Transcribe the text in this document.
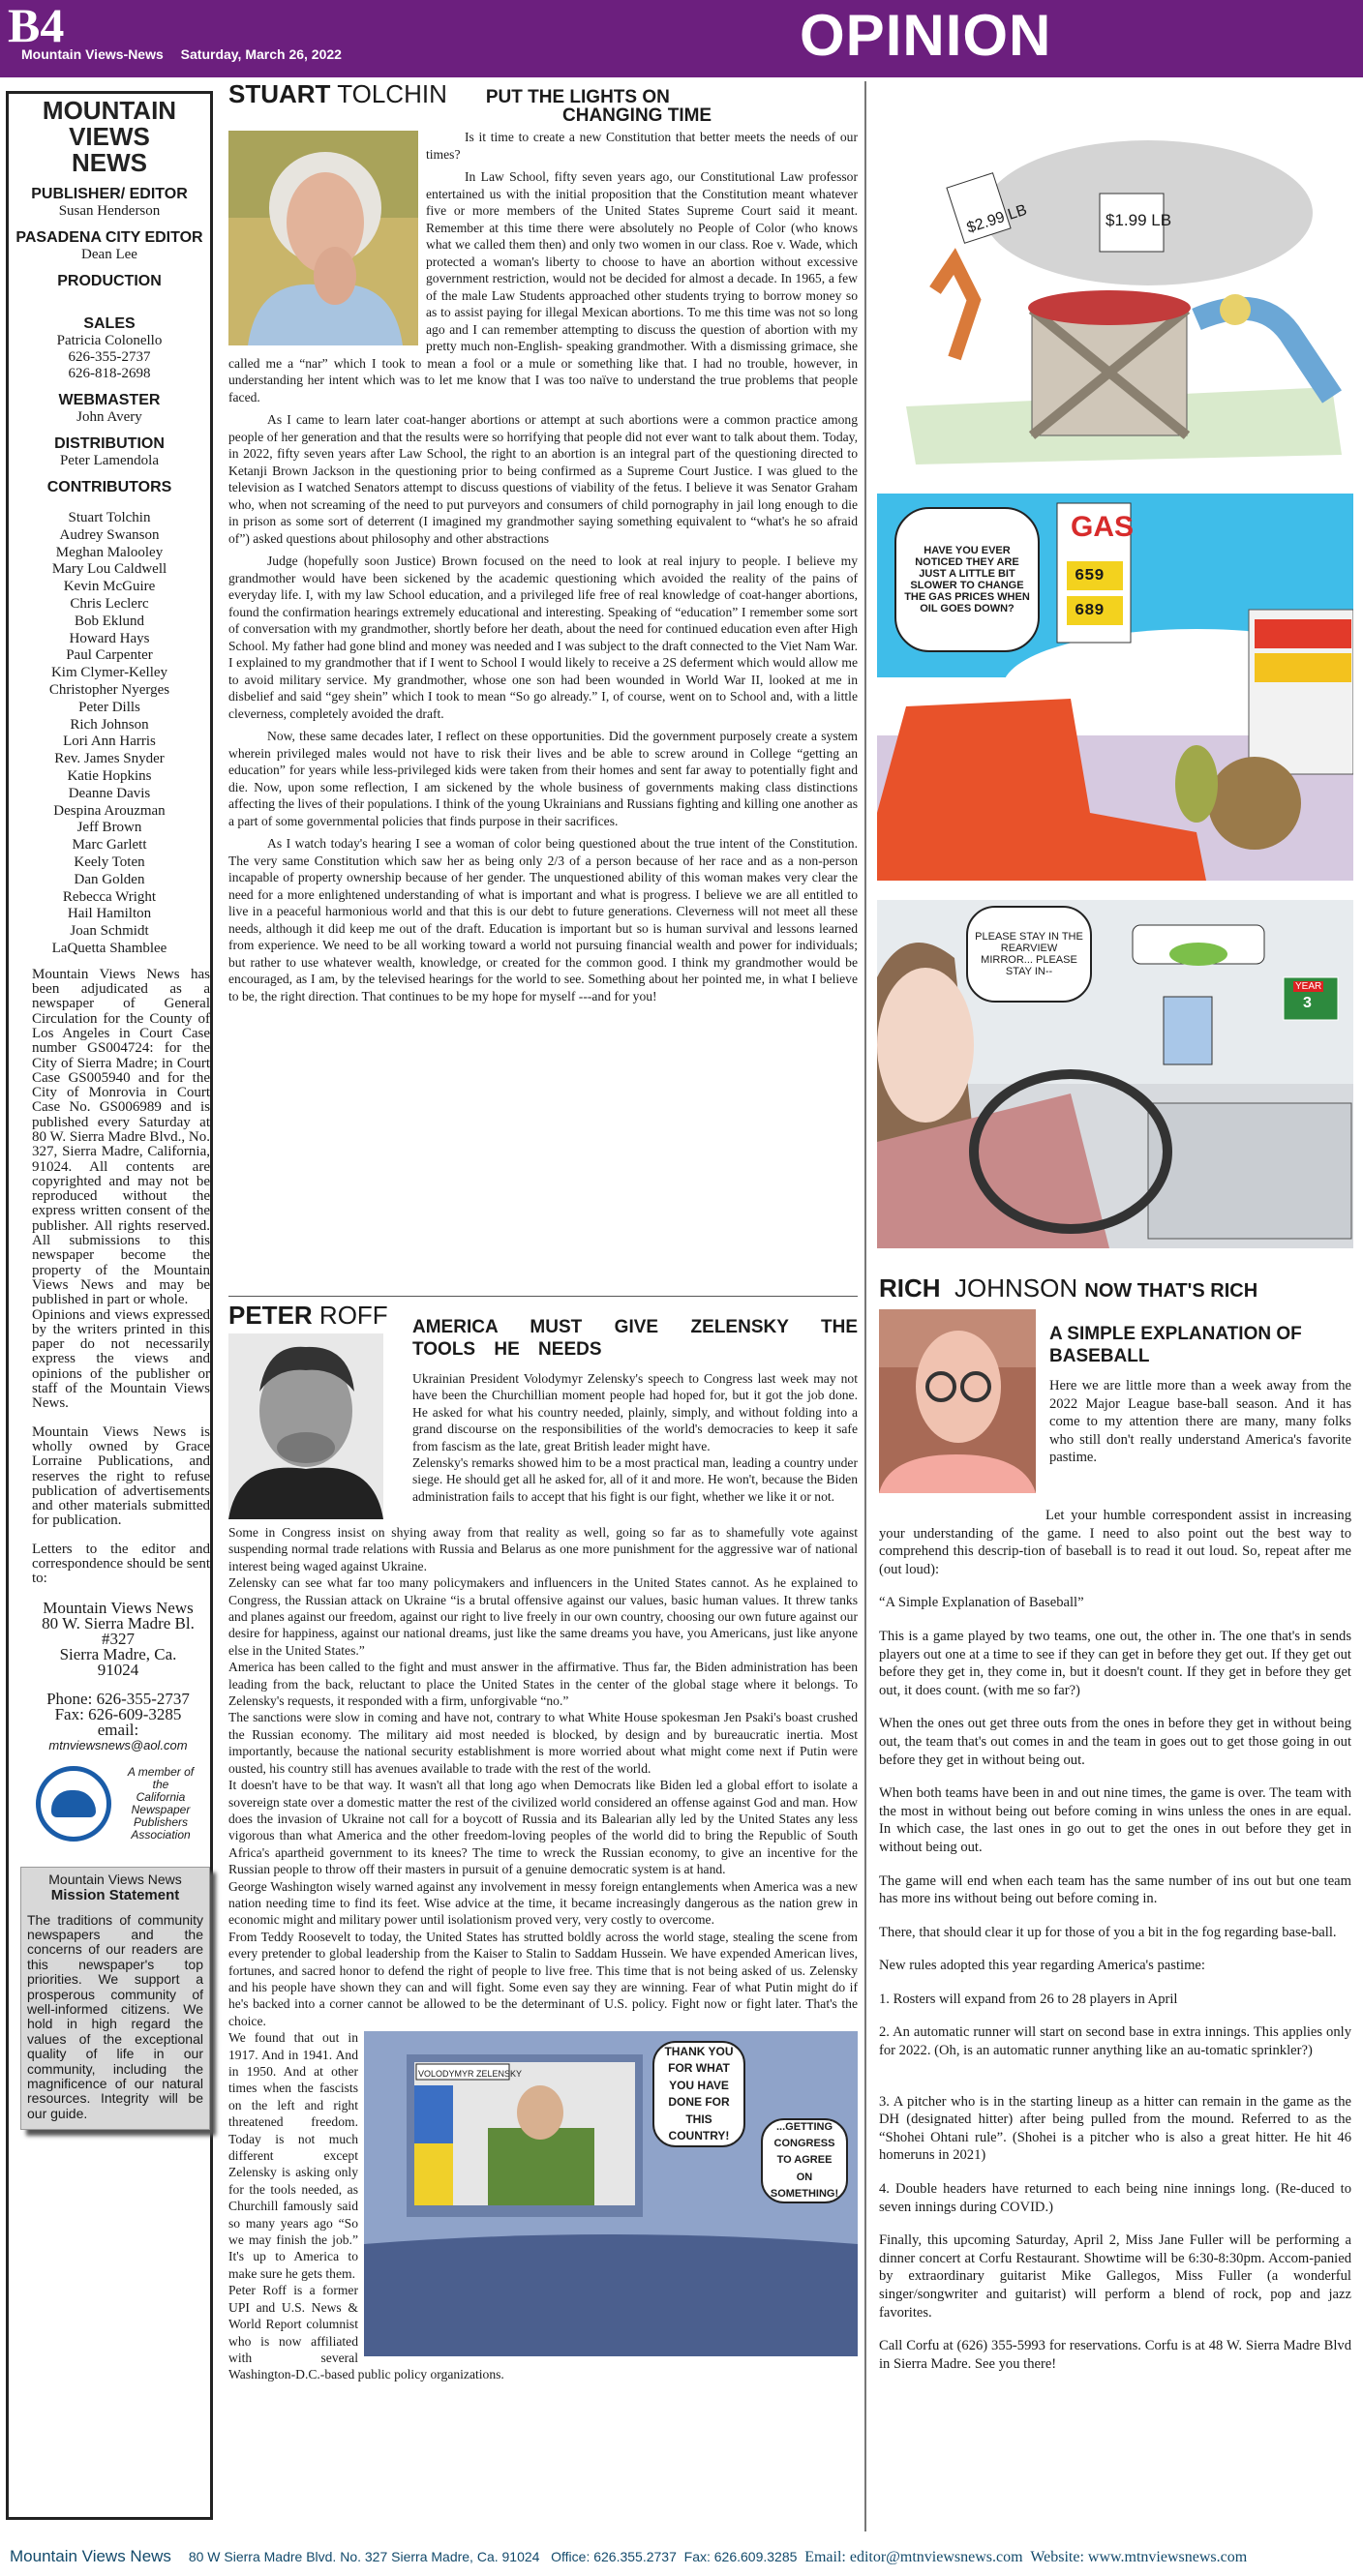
B4
Mountain Views-News Saturday, March 26, 2022	OPINION
MOUNTAIN
VIEWS
NEWS
PUBLISHER/ EDITOR
Susan Henderson
PASADENA CITY EDITOR
Dean Lee
PRODUCTION
SALES
Patricia Colonello
626-355-2737
626-818-2698
WEBMASTER
John Avery
DISTRIBUTION
Peter Lamendola
CONTRIBUTORS
Stuart Tolchin
Audrey Swanson
Meghan Malooley
Mary Lou Caldwell
Kevin McGuire
Chris Leclerc
Bob Eklund
Howard Hays
Paul Carpenter
Kim Clymer-Kelley
Christopher Nyerges
Peter Dills
Rich Johnson
Lori Ann Harris
Rev. James Snyder
Katie Hopkins
Deanne Davis
Despina Arouzman
Jeff Brown
Marc Garlett
Keely Toten
Dan Golden
Rebecca Wright
Hail Hamilton
Joan Schmidt
LaQuetta Shamblee

Mountain Views News has been adjudicated as a newspaper of General Circulation for the County of Los Angeles in Court Case number GS004724: for the City of Sierra Madre; in Court Case GS005940 and for the City of Monrovia in Court Case No. GS006989 and is published every Saturday at 80 W. Sierra Madre Blvd., No. 327, Sierra Madre, California, 91024. All contents are copyrighted and may not be reproduced without the express written consent of the publisher. All rights reserved. All submissions to this newspaper become the property of the Mountain Views News and may be published in part or whole.

Opinions and views expressed by the writers printed in this paper do not necessarily express the views and opinions of the publisher or staff of the Mountain Views News.

Mountain Views News is wholly owned by Grace Lorraine Publications, and reserves the right to refuse publication of advertisements and other materials submitted for publication.

Letters to the editor and correspondence should be sent to:

Mountain Views News
80 W. Sierra Madre Bl.
#327
Sierra Madre, Ca.
91024
Phone: 626-355-2737
Fax: 626-609-3285
email:
mtnviewsnews@aol.com
A member of
the
California
Newspaper
Publishers
Association
Mountain Views News
Mission Statement

The traditions of community newspapers and the concerns of our readers are this newspaper's top priorities. We support a prosperous community of well-informed citizens. We hold in high regard the values of the exceptional quality of life in our community, including the magnificence of our natural resources. Integrity will be our guide.

STUART TOLCHIN PUT THE LIGHTS ON
CHANGING TIME

Is it time to create a new Constitution that better meets the needs of our times?

In Law School, fifty seven years ago, our Constitutional Law professor entertained us with the initial proposition that the Constitution meant whatever five or more members of the United States Supreme Court said it meant. Remember at this time there were absolutely no People of Color (who knows what we called them then) and only two women in our class. Roe v. Wade, which protected a woman's liberty to choose to have an abortion without excessive government restriction, would not be decided for almost a decade. In 1965, a few of the male Law Students approached other students trying to borrow money so as to assist paying for illegal Mexican abortions. To me this time was not so long ago and I can remember attempting to discuss the question of abortion with my pretty much non-English- speaking grandmother. With a dismissing grimace, she called me a “nar” which I took to mean a fool or a mule or something like that. I had no trouble, however, in understanding her intent which was to let me know that I was too naïve to understand the true problems that people faced.

As I came to learn later coat-hanger abortions or attempt at such abortions were a common practice among people of her generation and that the results were so horrifying that people did not ever want to talk about them. Today, in 2022, fifty seven years after Law School, the right to an abortion is an integral part of the questioning directed to Ketanji Brown Jackson in the questioning prior to being confirmed as a Supreme Court Justice. I was glued to the television as I watched Senators attempt to discuss questions of viability of the fetus. I believe it was Senator Graham who, when not screaming of the need to put purveyors and consumers of child pornography in jail long enough to die in prison as some sort of deterrent (I imagined my grandmother saying something equivalent to “what's he so afraid of”) asked questions about philosophy and other abstractions

Judge (hopefully soon Justice) Brown focused on the need to look at real injury to people. I believe my grandmother would have been sickened by the academic questioning which avoided the reality of the pains of everyday life. I, with my law School education, and a privileged life free of real knowledge of coat-hanger abortions, found the confirmation hearings extremely educational and interesting. Speaking of “education” I remember some sort of conversation with my grandmother, shortly before her death, about the need for continued education even after High School. My father had gone blind and money was needed and I was subject to the draft connected to the Viet Nam War. I explained to my grandmother that if I went to School I would likely to receive a 2S deferment which would allow me to avoid military service. My grandmother, whose one son had been wounded in World War II, looked at me in disbelief and said “gey shein” which I took to mean “So go already.” I, of course, went on to School and, with a little cleverness, completely avoided the draft.

Now, these same decades later, I reflect on these opportunities. Did the government purposely create a system wherein privileged males would not have to risk their lives and be able to screw around in College “getting an education” for years while less-privileged kids were taken from their homes and sent far away to potentially fight and die. Now, upon some reflection, I am sickened by the whole business of governments making class distinctions affecting the lives of their populations. I think of the young Ukrainians and Russians fighting and killing one another as a part of some governmental policies that finds purpose in their sacrifices.

As I watch today's hearing I see a woman of color being questioned about the true intent of the Constitution. The very same Constitution which saw her as being only 2/3 of a person because of her race and as a non-person incapable of property ownership because of her gender. The unquestioned ability of this woman makes very clear the need for a more enlightened understanding of what is important and what is progress. I believe we are all entitled to live in a peaceful harmonious world and that this is our debt to future generations. Cleverness will not meet all these needs, although it did keep me out of the draft. Education is important but so is human survival and lessons learned from experience. We need to be all working toward a world not pursuing financial wealth and power for individuals; but rather to use whatever wealth, knowledge, or created for the common good. I think my grandmother would be encouraged, as I am, by the televised hearings for the world to see. Something about her pointed me, in what I believe to be, the right direction. That continues to be my hope for myself ---and for you!

PETER ROFF	AMERICA MUST GIVE ZELENSKY THE TOOLS HE NEEDS
Ukrainian President Volodymyr Zelensky's speech to Congress last week may not have been the Churchillian moment people had hoped for, but it got the job done. He asked for what his country needed, plainly, simply, and without folding into a grand discourse on the responsibilities of the world's democracies to keep it safe from fascism as the late, great British leader might have.
Zelensky's remarks showed him to be a most practical man, leading a country under siege. He should get all he asked for, all of it and more. He won't, because the Biden administration fails to accept that his fight is our fight, whether we like it or not.
Some in Congress insist on shying away from that reality as well, going so far as to shamefully vote against suspending normal trade relations with Russia and Belarus as one more punishment for the aggressive war of national interest being waged against Ukraine.
Zelensky can see what far too many policymakers and influencers in the United States cannot. As he explained to Congress, the Russian attack on Ukraine “is a brutal offensive against our values, basic human values. It threw tanks and planes against our freedom, against our right to live freely in our own country, choosing our own future against our desire for happiness, against our national dreams, just like the same dreams you have, you Americans, just like anyone else in the United States.”
America has been called to the fight and must answer in the affirmative. Thus far, the Biden administration has been leading from the back, reluctant to place the United States in the center of the global stage where it belongs. To Zelensky's requests, it responded with a firm, unforgivable “no.”
The sanctions were slow in coming and have not, contrary to what White House spokesman Jen Psaki's boast crushed the Russian economy. The military aid most needed is blocked, by design and by bureaucratic inertia. Most importantly, because the national security establishment is more worried about what might come next if Putin were ousted, his country still has avenues available to trade with the rest of the world.
It doesn't have to be that way. It wasn't all that long ago when Democrats like Biden led a global effort to isolate a sovereign state over a domestic matter the rest of the civilized world considered an offense against God and man. How does the invasion of Ukraine not call for a boycott of Russia and its Balearian ally led by the United States any less vigorous than what America and the other freedom-loving peoples of the world did to bring the Republic of South Africa's apartheid government to its knees? The time to wreck the Russian economy, to give an incentive for the Russian people to throw off their masters in pursuit of a genuine democratic system is at hand.
George Washington wisely warned against any involvement in messy foreign entanglements when America was a new nation needing time to find its feet. Wise advice at the time, it became increasingly dangerous as the nation grew in economic might and military power until isolationism proved very, very costly to overcome.
From Teddy Roosevelt to today, the United States has strutted boldly across the world stage, stealing the scene from every pretender to global leadership from the Kaiser to Stalin to Saddam Hussein. We have expended American lives, fortunes, and sacred honor to defend the right of people to live free. This time that is not being asked of us. Zelensky and his people have shown they can and will fight. Some even say they are winning. Fear of what Putin might do if he's backed into a corner cannot be allowed to be the determinant of U.S. policy. Fight now or fight later. That's the choice.
VOLODYMYR ZELENSKY
THANK YOU FOR WHAT YOU HAVE DONE FOR THIS COUNTRY!
...GETTING CONGRESS TO AGREE ON SOMETHING!
We found that out in 1917. And in 1941. And in 1950. And at other times when the fascists on the left and right threatened freedom. Today is not much different except Zelensky is asking only for the tools needed, as Churchill famously said so many years ago “So we may finish the job.” It's up to America to make sure he gets them.
Peter Roff is a former UPI and U.S. News & World Report columnist who is now affiliated with several Washington-D.C.-based public policy organizations.
$2.99 LB	$1.99 LB
HAVE YOU EVER NOTICED THEY ARE JUST A LITTLE BIT SLOWER TO CHANGE THE GAS PRICES WHEN OIL GOES DOWN?
GAS
659
689
PLEASE STAY IN THE REARVIEW MIRROR... PLEASE STAY IN--
YEAR
3
RICH JOHNSON NOW THAT'S RICH
A SIMPLE EXPLANATION OF BASEBALL
Here we are little more than a week away from the 2022 Major League base-ball season. And it has come to my attention there are many, many folks who still don't really understand America's favorite pastime.

Let your humble correspondent assist in increasing your understanding of the game. I need to also point out the best way to comprehend this descrip-tion of baseball is to read it out loud. So, repeat after me (out loud):

“A Simple Explanation of Baseball”

This is a game played by two teams, one out, the other in. The one that's in sends players out one at a time to see if they can get in before they get out. If they get out before they get in, they come in, but it doesn't count. If they get in before they get out, it does count. (with me so far?)

When the ones out get three outs from the ones in before they get in without being out, the team that's out comes in and the team in goes out to get those going in out before they get in without being out.

When both teams have been in and out nine times, the game is over. The team with the most in without being out before coming in wins unless the ones in are equal. In which case, the last ones in go out to get the ones in out before they get in without being out.

The game will end when each team has the same number of ins out but one team has more ins without being out before coming in.

There, that should clear it up for those of you a bit in the fog regarding base-ball.

New rules adopted this year regarding America's pastime:

1. Rosters will expand from 26 to 28 players in April

2. An automatic runner will start on second base in extra innings. This applies only for 2022. (Oh, is an automatic runner anything like an au-tomatic sprinkler?)

3. A pitcher who is in the starting lineup as a hitter can remain in the game as the DH (designated hitter) after being pulled from the mound. Referred to as the “Shohei Ohtani rule”. (Shohei is a pitcher who is also a great hitter. He hit 46 homeruns in 2021)

4. Double headers have returned to each being nine innings long. (Re-duced to seven innings during COVID.)

Finally, this upcoming Saturday, April 2, Miss Jane Fuller will be performing a dinner concert at Corfu Restaurant. Showtime will be 6:30-8:30pm. Accom-panied by extraordinary guitarist Mike Gallegos, Miss Fuller (a wonderful singer/songwriter and guitarist) will perform a blend of rock, pop and jazz favorites.

Call Corfu at (626) 355-5993 for reservations. Corfu is at 48 W. Sierra Madre Blvd in Sierra Madre. See you there!

Mountain Views News 80 W Sierra Madre Blvd. No. 327 Sierra Madre, Ca. 91024 Office: 626.355.2737 Fax: 626.609.3285 Email: editor@mtnviewsnews.com Website: www.mtnviewsnews.com
